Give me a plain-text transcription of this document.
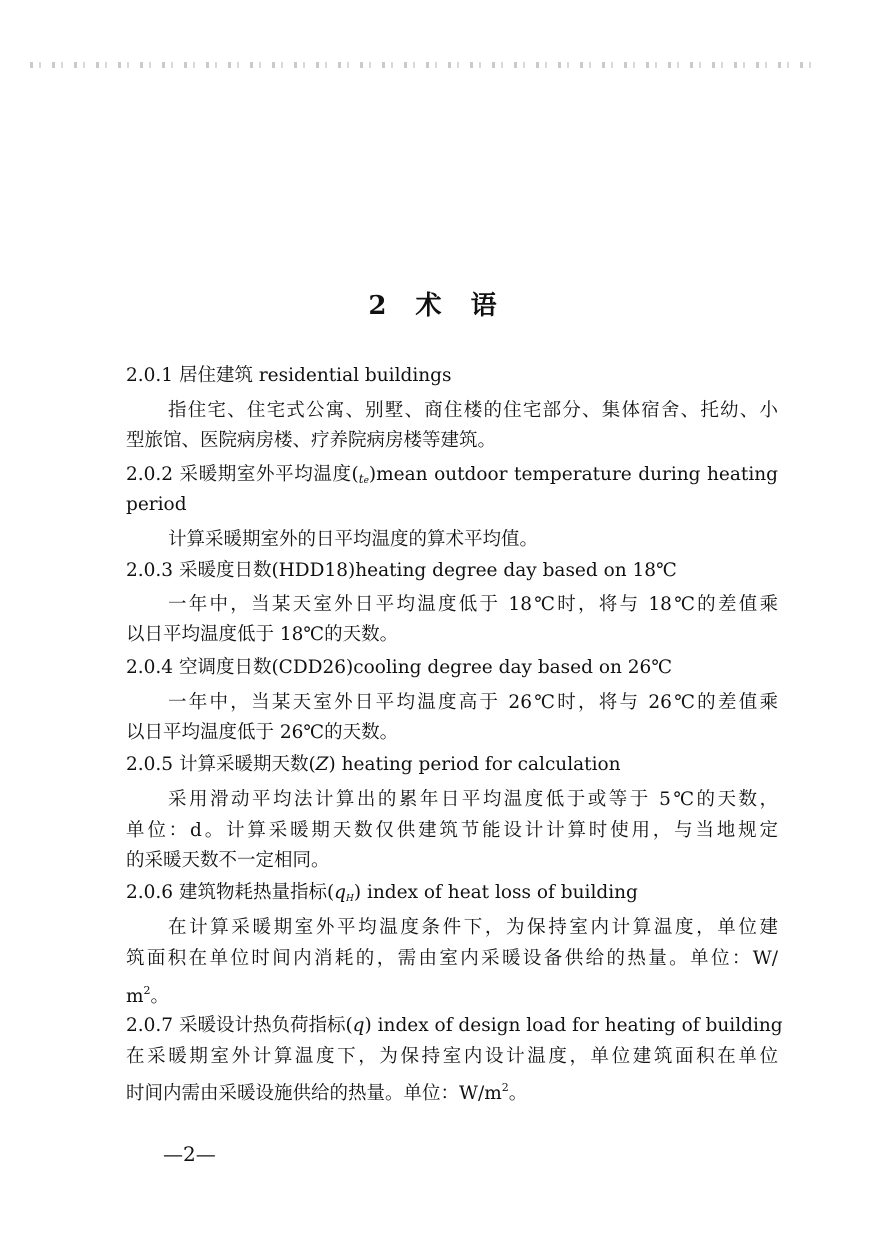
2 术 语
2.0.1 居住建筑 residential buildings
指住宅、住宅式公寓、别墅、商住楼的住宅部分、集体宿舍、托幼、小
型旅馆、医院病房楼、疗养院病房楼等建筑。
2.0.2 采暖期室外平均温度$(_{te})mean$ outdoor temperature during heating
period
计算采暖期室外的日平均温度的算术平均值。
2.0.3 采暖度日数(HDD18)heating degree day based on 18℃
一年中，当某天室外日平均温度低于 18℃时，将与 18℃的差值乘
以日平均温度低于 18℃的天数。
2.0.4 空调度日数(CDD26)cooling degree day based on 26℃
一年中，当某天室外日平均温度高于 26℃时，将与 26℃的差值乘
以日平均温度低于 26℃的天数。
2.0.5 计算采暖期天数(Z) heating period for calculation
采用滑动平均法计算出的累年日平均温度低于或等于 5℃的天数，
单位：d。计算采暖期天数仅供建筑节能设计计算时使用，与当地规定
的采暖天数不一定相同。
2.0.6 建筑物耗热量指标$(q_H)$ index of heat loss of building
在计算采暖期室外平均温度条件下，为保持室内计算温度，单位建
筑面积在单位时间内消耗的，需由室内采暖设备供给的热量。单位：W/
$m^2$。
2.0.7 采暖设计热负荷指标(q) index of design load for heating of building
在采暖期室外计算温度下，为保持室内设计温度，单位建筑面积在单位
时间内需由采暖设施供给的热量。单位：$W/m^2$。
—2—
